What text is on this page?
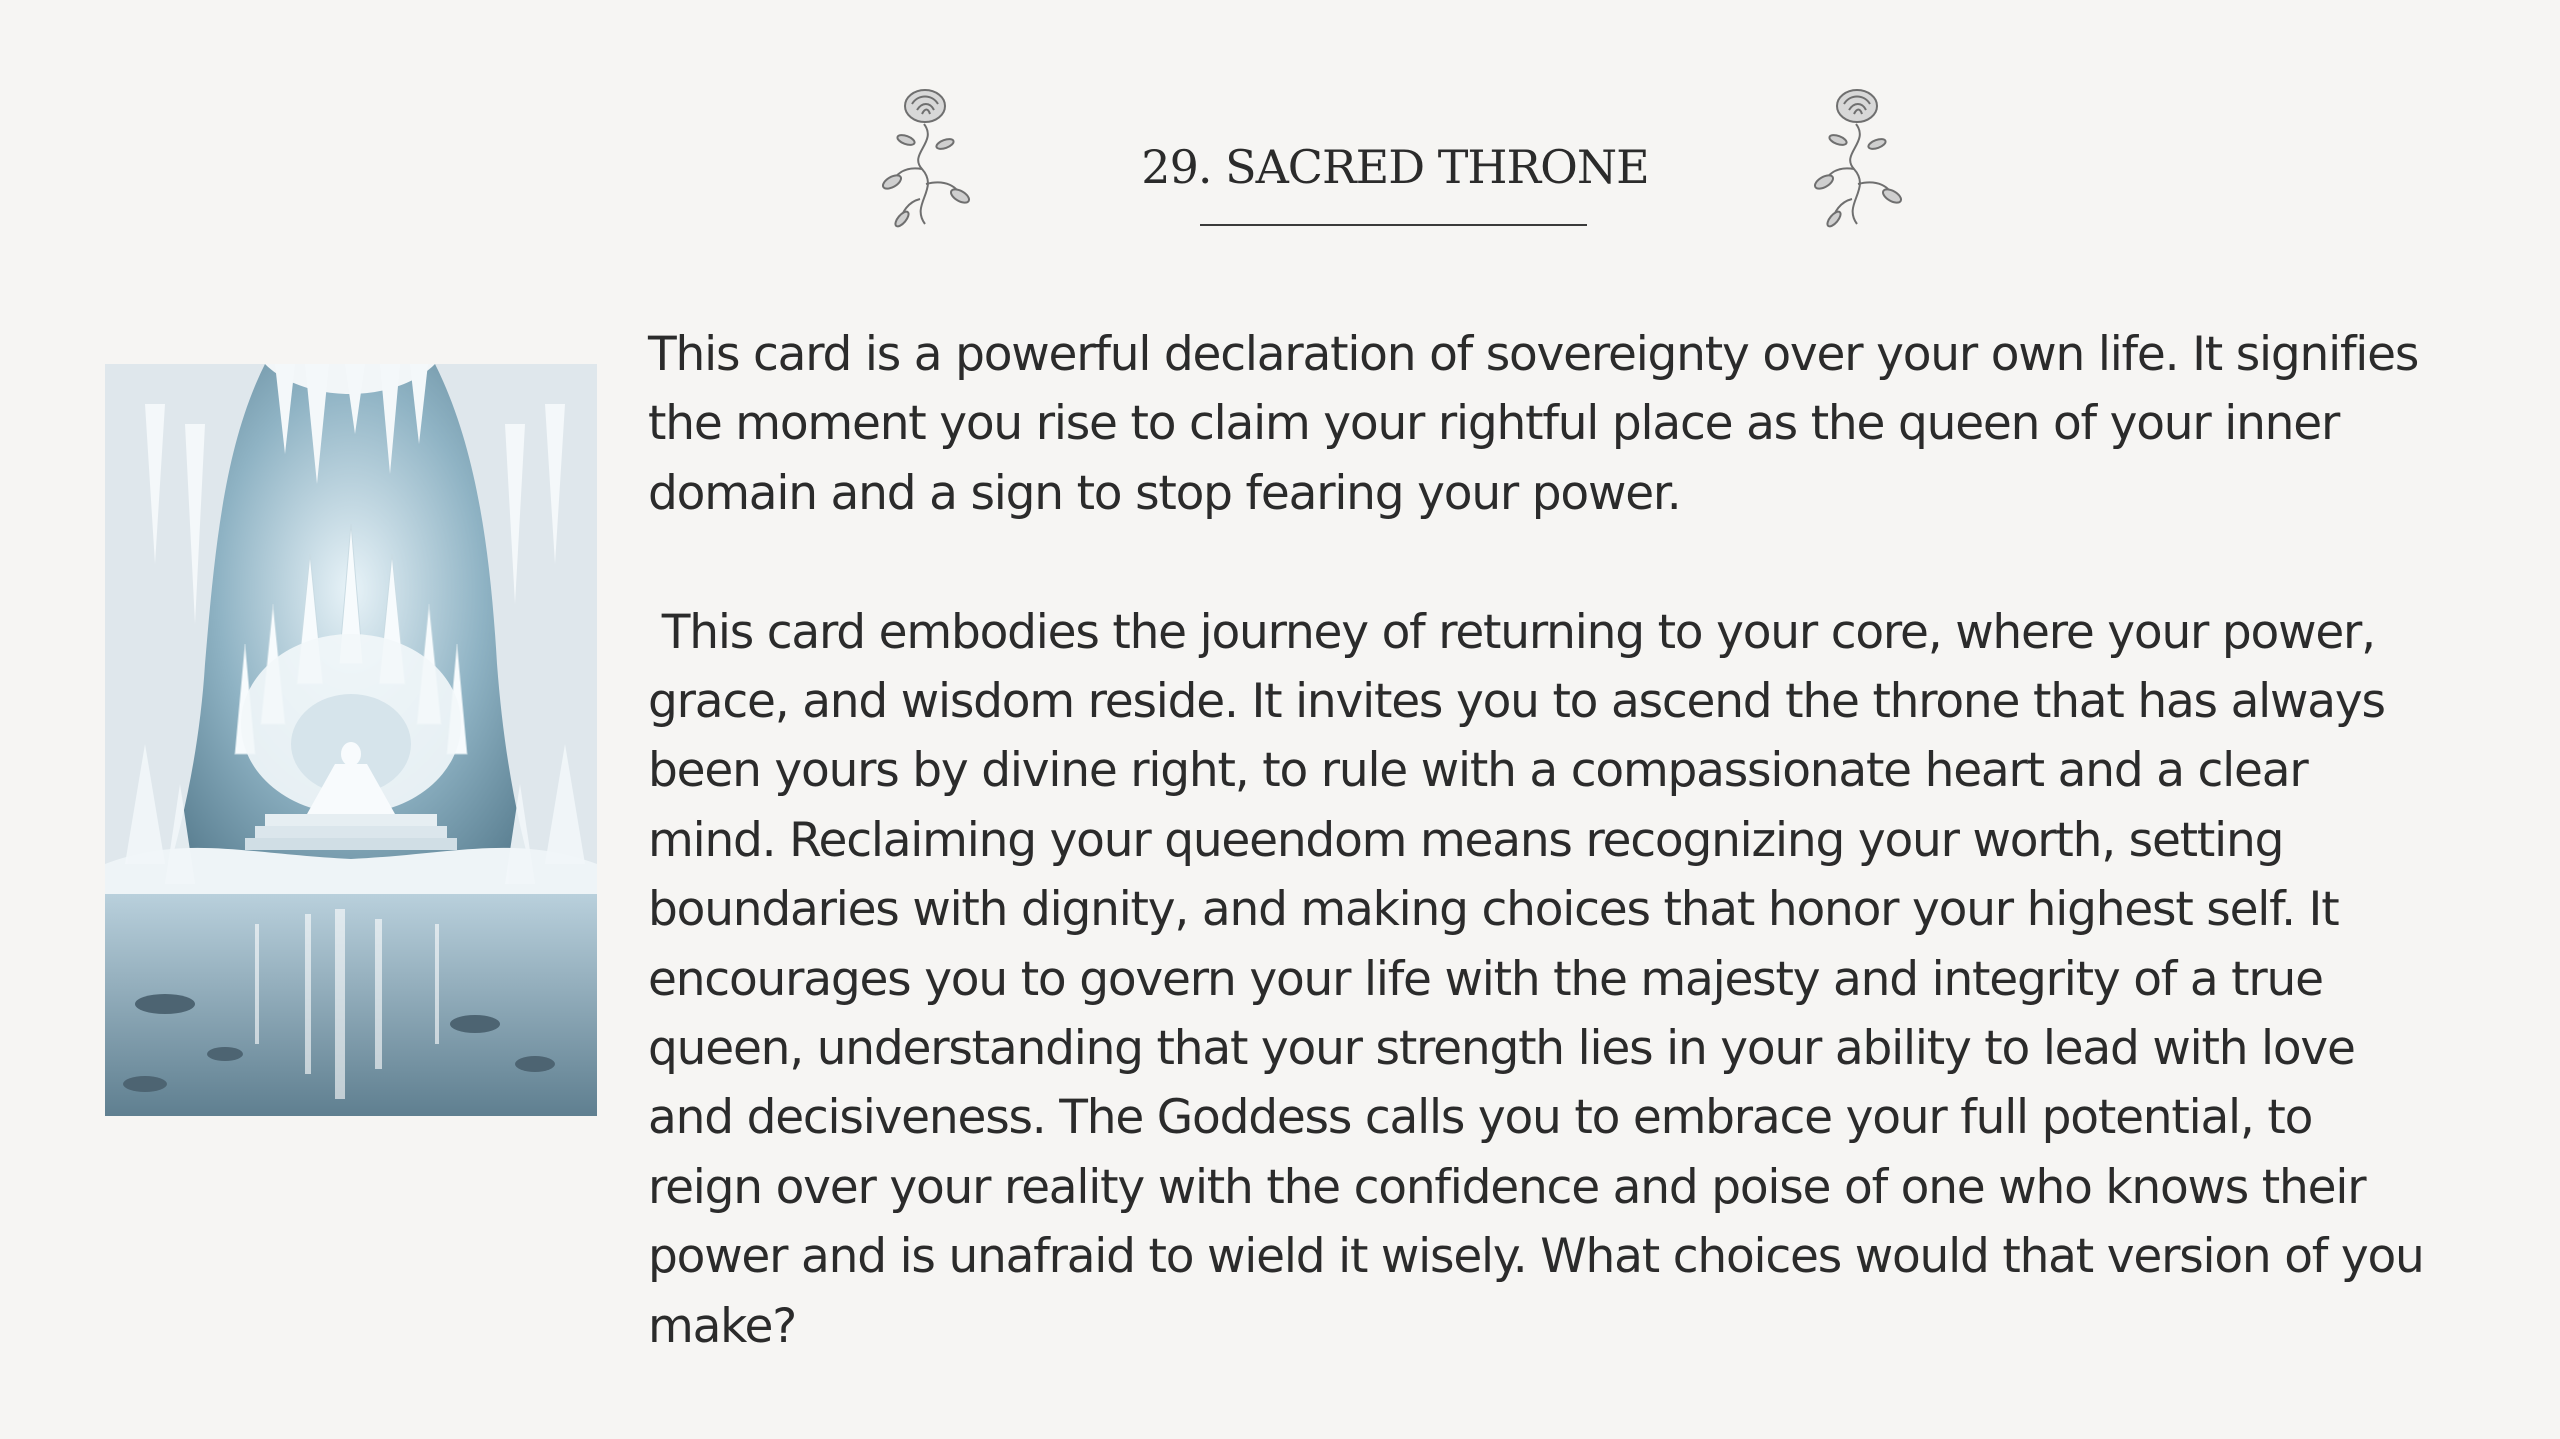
29. SACRED THRONE

This card is a powerful declaration of sovereignty over your own life. It signifies the moment you rise to claim your rightful place as the queen of your inner domain and a sign to stop fearing your power.

This card embodies the journey of returning to your core, where your power, grace, and wisdom reside. It invites you to ascend the throne that has always been yours by divine right, to rule with a compassionate heart and a clear mind. Reclaiming your queendom means recognizing your worth, setting boundaries with dignity, and making choices that honor your highest self. It encourages you to govern your life with the majesty and integrity of a true queen, understanding that your strength lies in your ability to lead with love and decisiveness. The Goddess calls you to embrace your full potential, to reign over your reality with the confidence and poise of one who knows their power and is unafraid to wield it wisely. What choices would that version of you make?
